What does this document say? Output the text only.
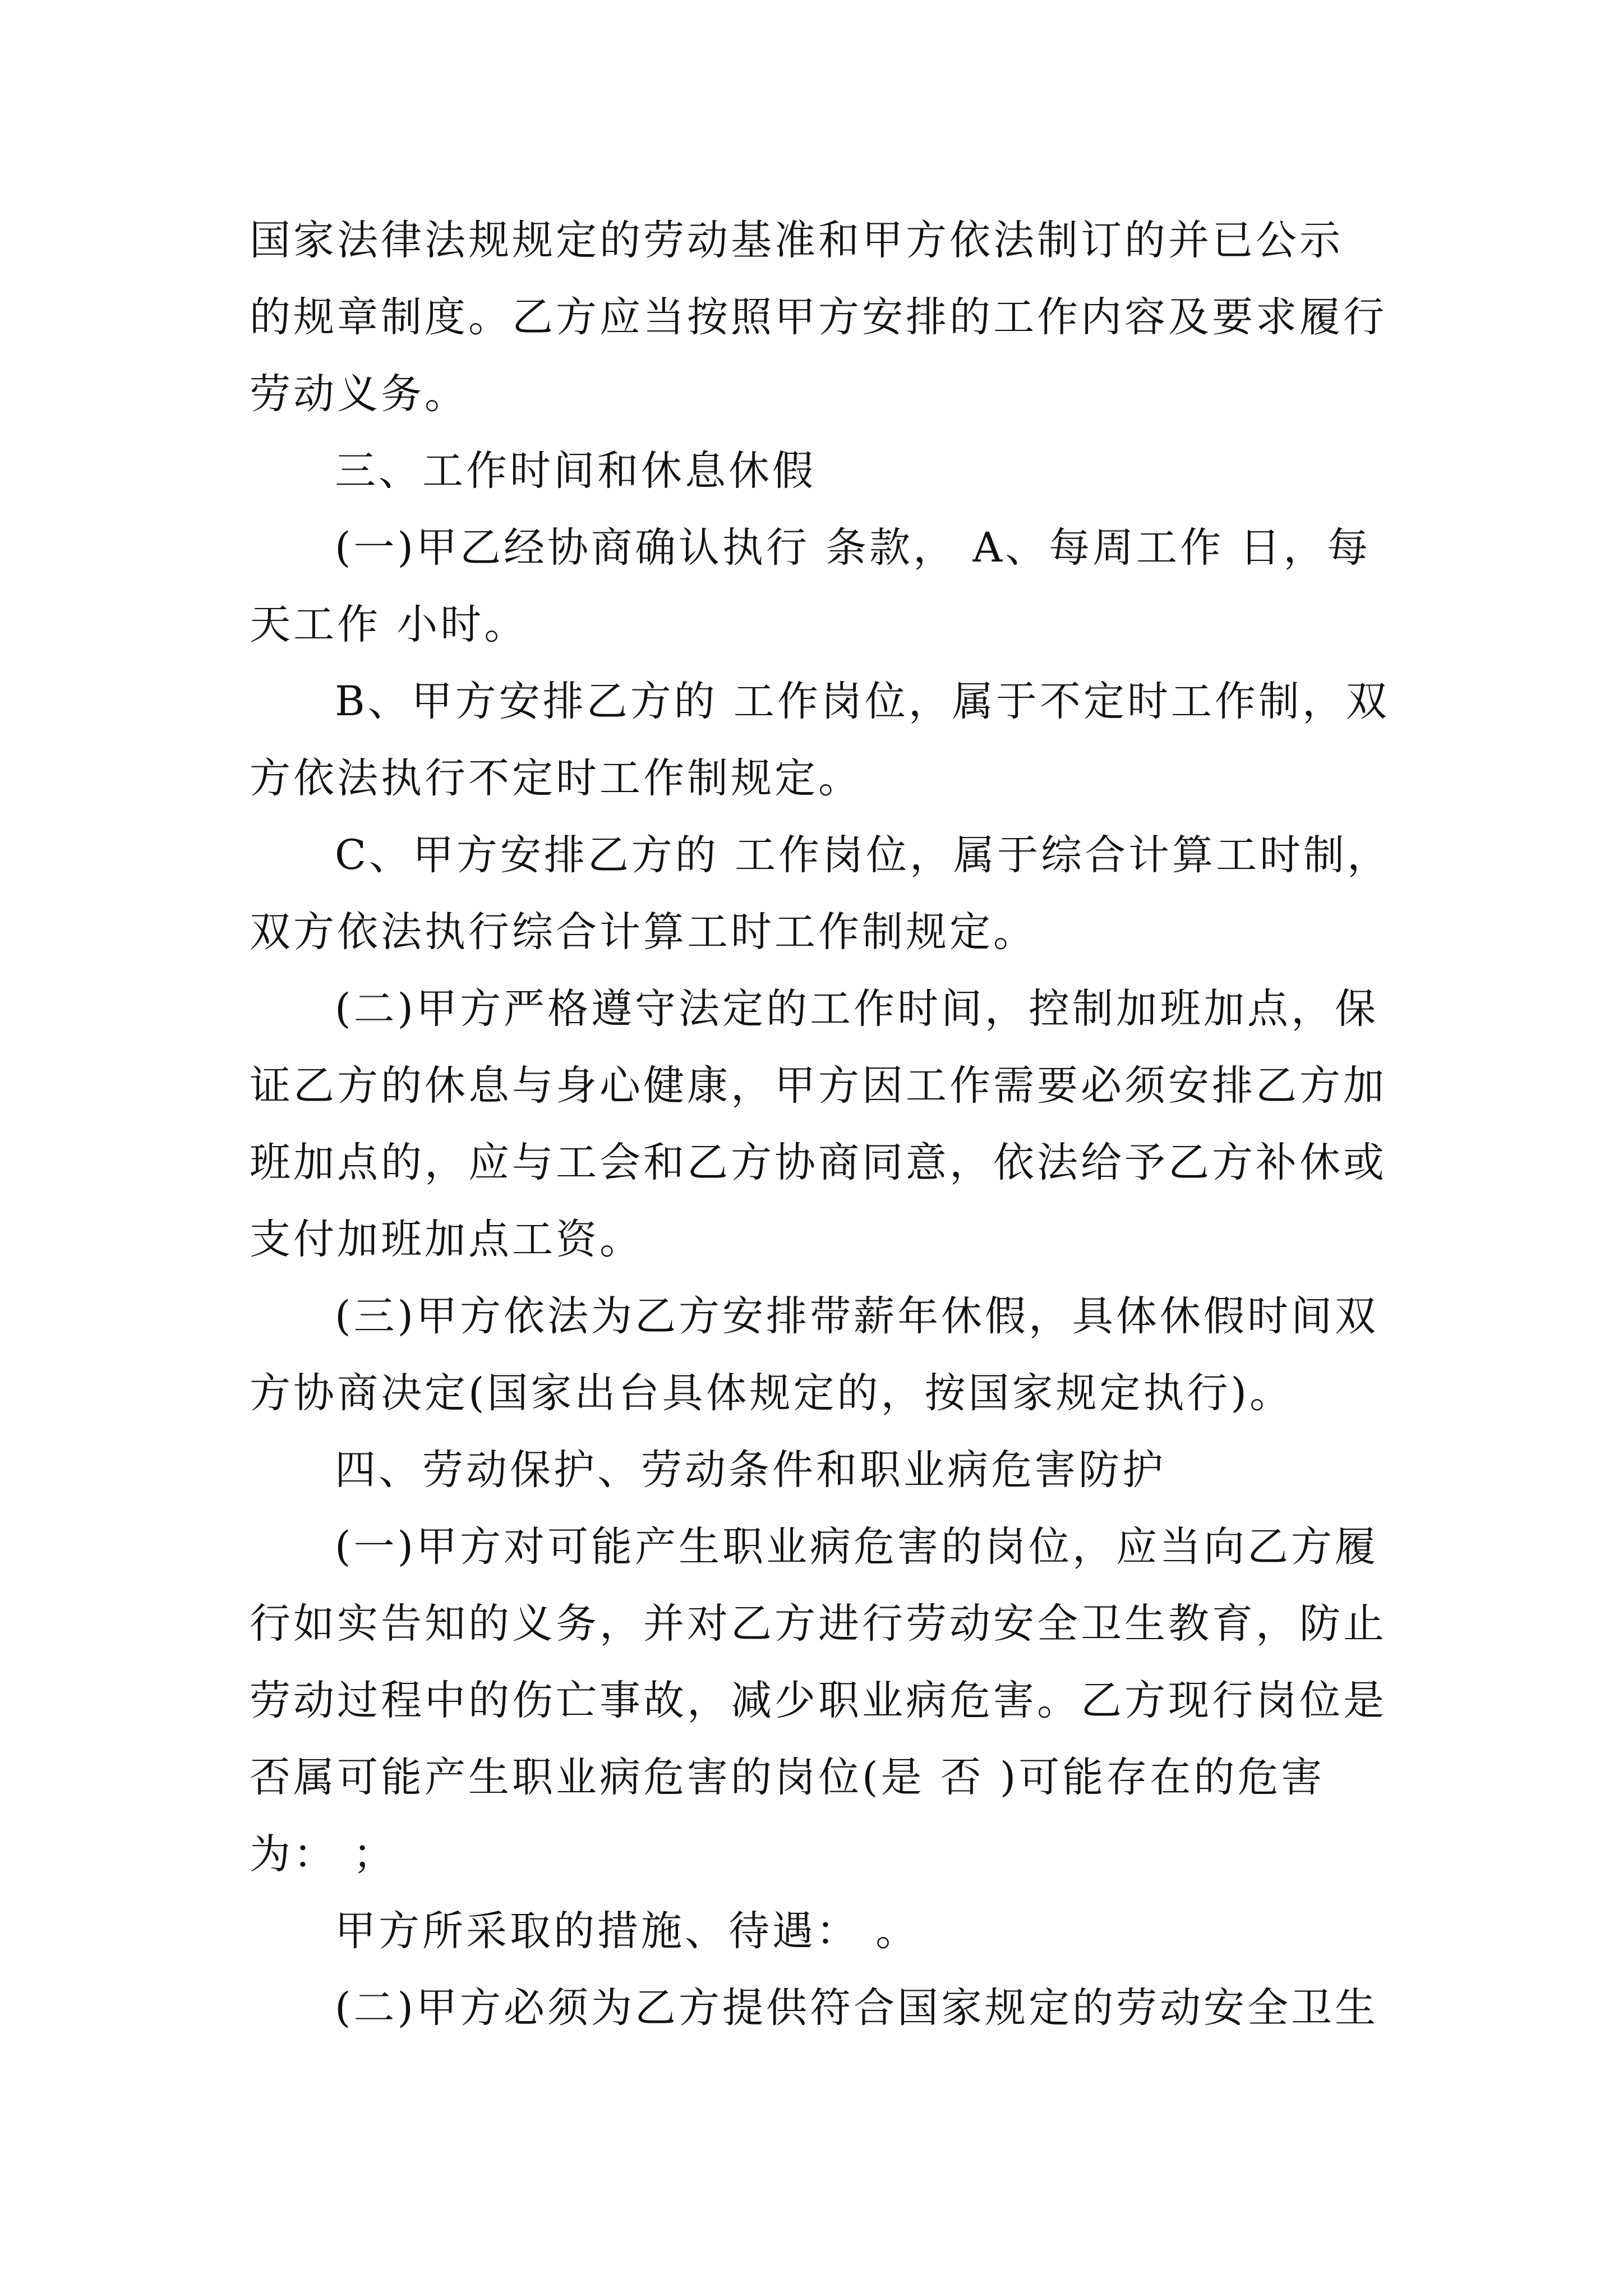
国家法律法规规定的劳动基准和甲方依法制订的并已公示
的规章制度。乙方应当按照甲方安排的工作内容及要求履行
劳动义务。
三、工作时间和休息休假
(一)甲乙经协商确认执行 条款， A、每周工作 日，每
天工作 小时。
B、甲方安排乙方的 工作岗位，属于不定时工作制，双
方依法执行不定时工作制规定。
C、甲方安排乙方的 工作岗位，属于综合计算工时制，
双方依法执行综合计算工时工作制规定。
(二)甲方严格遵守法定的工作时间，控制加班加点，保
证乙方的休息与身心健康，甲方因工作需要必须安排乙方加
班加点的，应与工会和乙方协商同意，依法给予乙方补休或
支付加班加点工资。
(三)甲方依法为乙方安排带薪年休假，具体休假时间双
方协商决定(国家出台具体规定的，按国家规定执行)。
四、劳动保护、劳动条件和职业病危害防护
(一)甲方对可能产生职业病危害的岗位，应当向乙方履
行如实告知的义务，并对乙方进行劳动安全卫生教育，防止
劳动过程中的伤亡事故，减少职业病危害。乙方现行岗位是
否属可能产生职业病危害的岗位(是 否 )可能存在的危害
为： ；
甲方所采取的措施、待遇： 。
(二)甲方必须为乙方提供符合国家规定的劳动安全卫生
